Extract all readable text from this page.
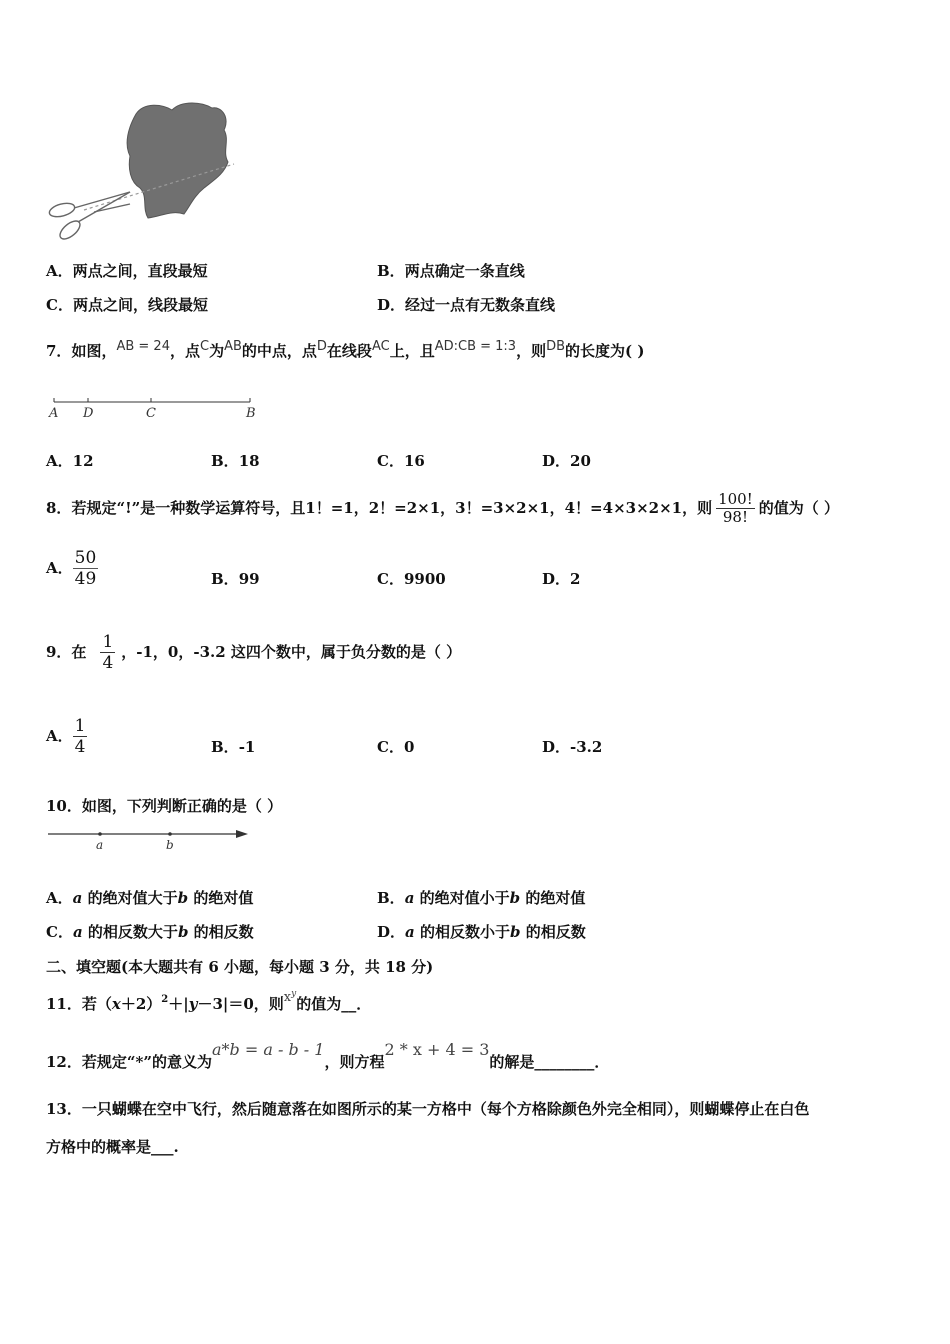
A．两点之间，直段最短	B．两点确定一条直线
C．两点之间，线段最短	D．经过一点有无数条直线
7．如图，AB = 24，点C为AB的中点，点D在线段AC上，且AD:CB = 1:3，则DB的长度为( )
A D	C	B
A．12	B．18	C．16	D．20
8． 若规定“!”是一种数学运算符号，且1！=1，2！=2×1，3！=3×2×1，4！=4×3×2×1，则 $\frac{100!}{98!}$ 的值为（ ）
A． $\frac{50}{49}$	B．99	C．9900	D．2
9．在 $\frac{1}{4}$ ，-1，0，-3.2 这四个数中，属于负分数的是（ ）
A． $\frac{1}{4}$	B．-1	C．0	D．-3.2
10．如图，下列判断正确的是（ ）
a	b
A．a 的绝对值大于b 的绝对值	B．a 的绝对值小于b 的绝对值
C．a 的相反数大于b 的相反数	D．a 的相反数小于b 的相反数
二、填空题(本大题共有 6 小题，每小题 3 分，共 18 分)
11．若$(x+2)^2+|y-3|=0$，则$x^y$的值为__．
12．若规定“*”的意义为a*b = a - b - 1，则方程2 * x + 4 = 3的解是________．
13．一只蝴蝶在空中飞行，然后随意落在如图所示的某一方格中（每个方格除颜色外完全相同），则蝴蝶停止在白色
方格中的概率是___.
